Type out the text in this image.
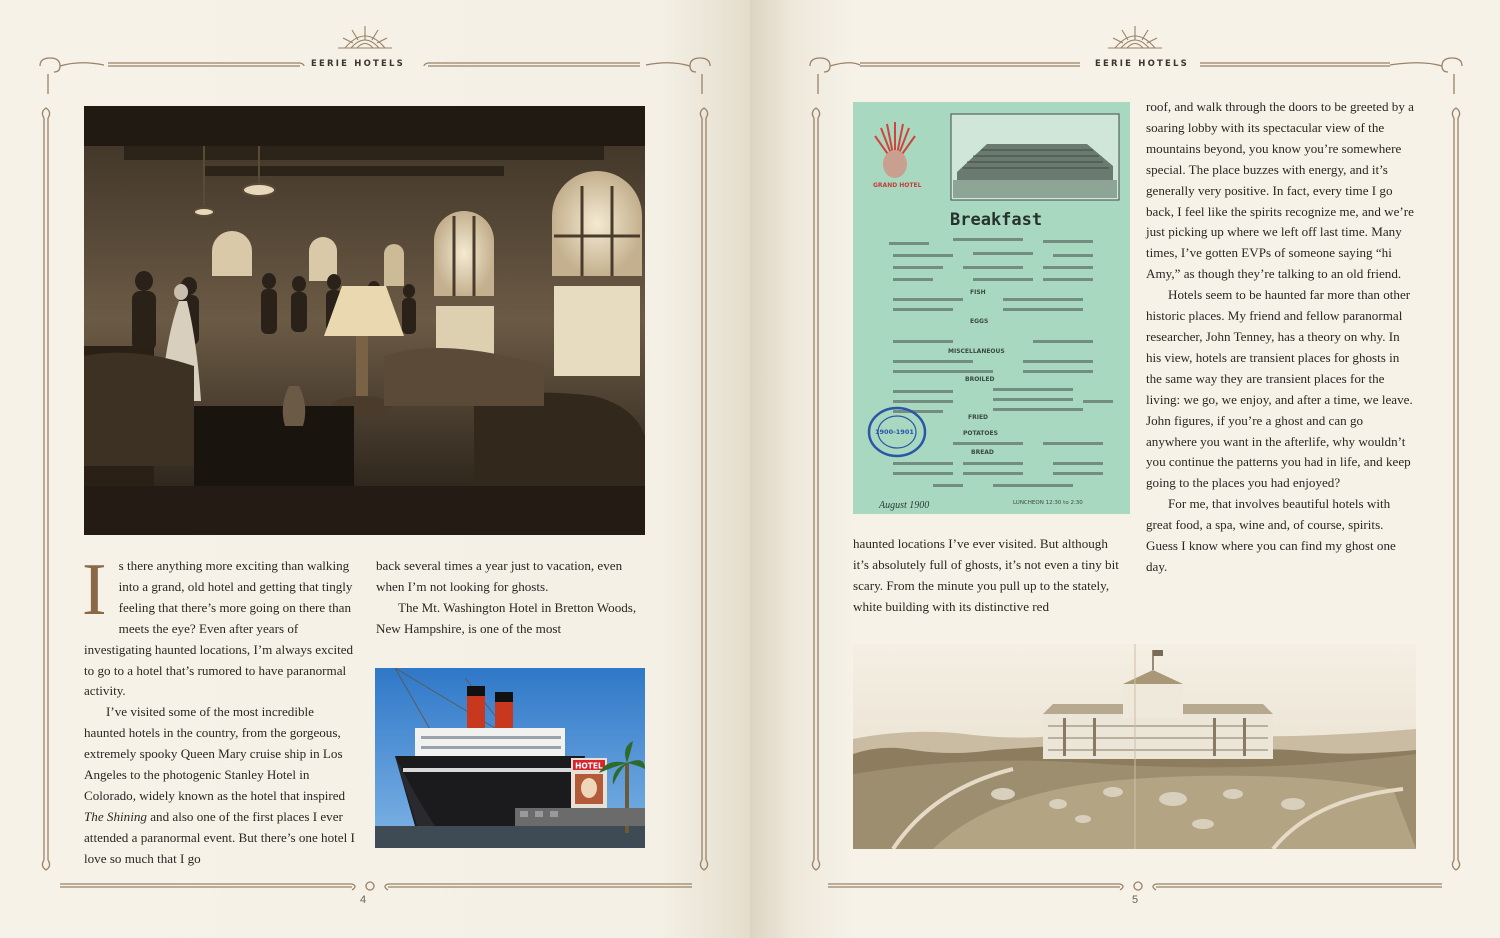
EERIE HOTELS

Is there anything more exciting than walking into a grand, old hotel and getting that tingly feeling that there’s more going on there than meets the eye? Even after years of investigating haunted locations, I’m always excited to go to a hotel that’s rumored to have paranormal activity.

I’ve visited some of the most incredible haunted hotels in the country, from the gorgeous, extremely spooky Queen Mary cruise ship in Los Angeles to the photogenic Stanley Hotel in Colorado, widely known as the hotel that inspired The Shining and also one of the first places I ever attended a paranormal event. But there’s one hotel I love so much that I go

back several times a year just to vacation, even when I’m not looking for ghosts.

The Mt. Washington Hotel in Bretton Woods, New Hampshire, is one of the most

HOTEL
4
EERIE HOTELS
GRAND HOTEL
Breakfast
FISH
EGGS
MISCELLANEOUS
BROILED
FRIED
POTATOES
BREAD
1900-1901
August 1900	LUNCHEON 12:30 to 2:30

haunted locations I’ve ever visited. But although it’s absolutely full of ghosts, it’s not even a tiny bit scary. From the minute you pull up to the stately, white building with its distinctive red

roof, and walk through the doors to be greeted by a soaring lobby with its spectacular view of the mountains beyond, you know you’re somewhere special. The place buzzes with energy, and it’s generally very positive. In fact, every time I go back, I feel like the spirits recognize me, and we’re just picking up where we left off last time. Many times, I’ve gotten EVPs of someone saying “hi Amy,” as though they’re talking to an old friend.

Hotels seem to be haunted far more than other historic places. My friend and fellow paranormal researcher, John Tenney, has a theory on why. In his view, hotels are transient places for ghosts in the same way they are transient places for the living: we go, we enjoy, and after a time, we leave. John figures, if you’re a ghost and can go anywhere you want in the afterlife, why wouldn’t you continue the patterns you had in life, and keep going to the places you had enjoyed?

For me, that involves beautiful hotels with great food, a spa, wine and, of course, spirits. Guess I know where you can find my ghost one day.

5
